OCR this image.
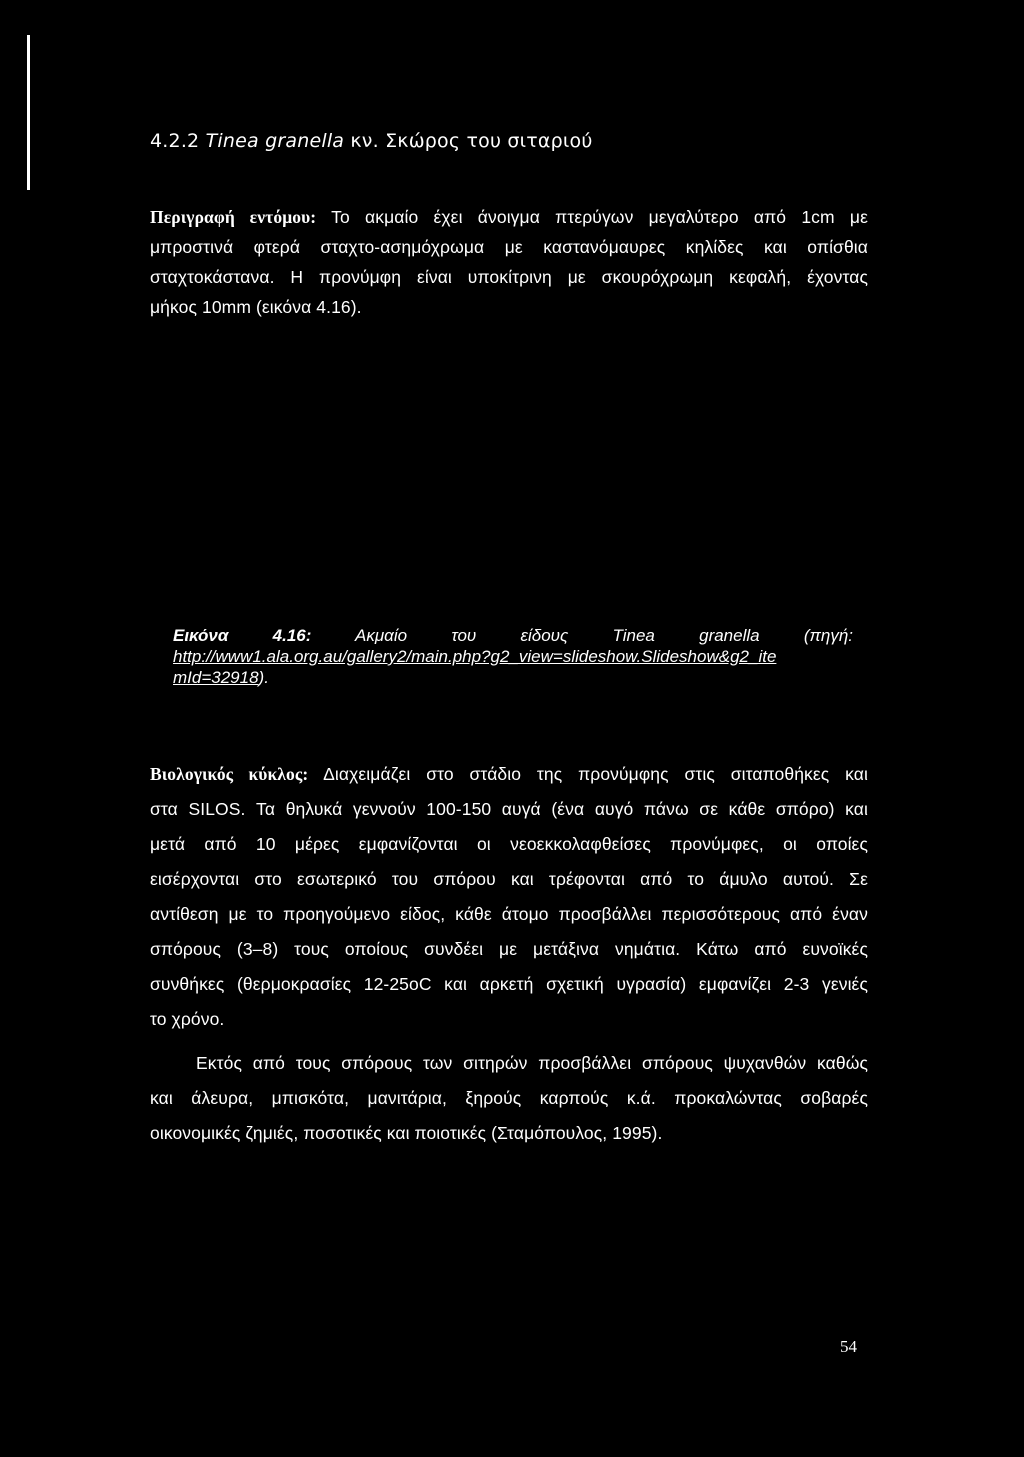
4.2.2 Tinea granella κν. Σκώρος του σιταριού
Περιγραφή εντόμου: Το ακμαίο έχει άνοιγμα πτερύγων μεγαλύτερο από 1cm με
μπροστινά φτερά σταχτο-ασημόχρωμα με καστανόμαυρες κηλίδες και οπίσθια
σταχτοκάστανα. Η προνύμφη είναι υποκίτρινη με σκουρόχρωμη κεφαλή, έχοντας
μήκος 10mm (εικόνα 4.16).
Εικόνα 4.16: Ακμαίο του είδους Tinea granella (πηγή:
http://www1.ala.org.au/gallery2/main.php?g2_view=slideshow.Slideshow&g2_ite
mId=32918).
Βιολογικός κύκλος: Διαχειμάζει στο στάδιο της προνύμφης στις σιταποθήκες και
στα SILOS. Τα θηλυκά γεννούν 100-150 αυγά (ένα αυγό πάνω σε κάθε σπόρο) και
μετά από 10 μέρες εμφανίζονται οι νεοεκκολαφθείσες προνύμφες, οι οποίες
εισέρχονται στο εσωτερικό του σπόρου και τρέφονται από το άμυλο αυτού. Σε
αντίθεση με το προηγούμενο είδος, κάθε άτομο προσβάλλει περισσότερους από έναν
σπόρους (3–8) τους οποίους συνδέει με μετάξινα νημάτια. Κάτω από ευνοϊκές
συνθήκες (θερμοκρασίες 12-25oC και αρκετή σχετική υγρασία) εμφανίζει 2-3 γενιές
το χρόνο.
Εκτός από τους σπόρους των σιτηρών προσβάλλει σπόρους ψυχανθών καθώς
και άλευρα, μπισκότα, μανιτάρια, ξηρούς καρπούς κ.ά. προκαλώντας σοβαρές
οικονομικές ζημιές, ποσοτικές και ποιοτικές (Σταμόπουλος, 1995).
54
